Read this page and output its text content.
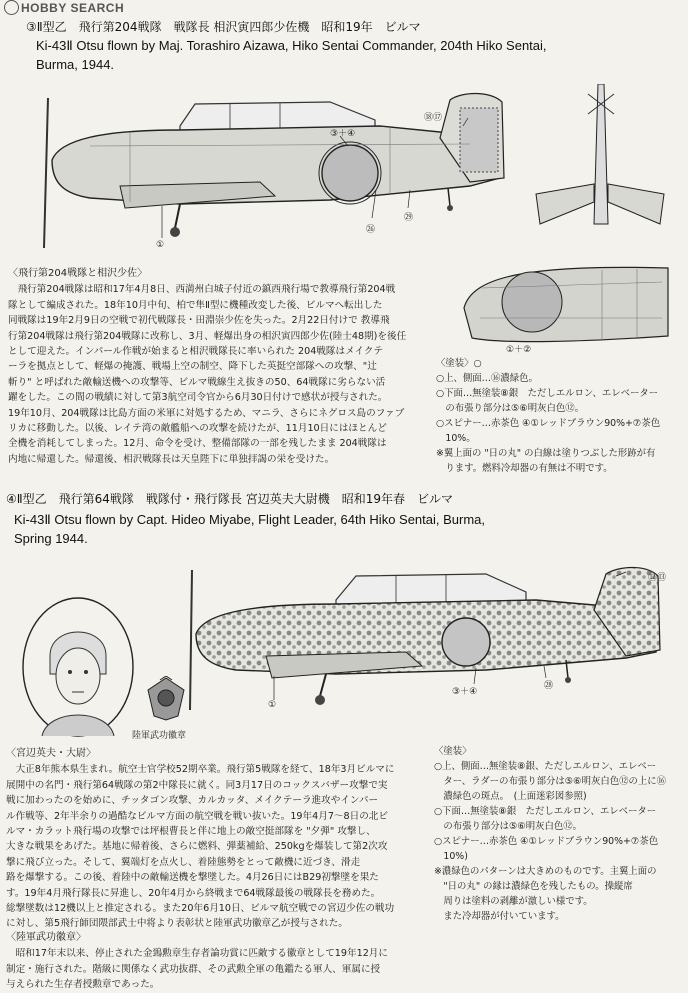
HOBBY SEARCH
③Ⅱ型乙　飛行第204戦隊　戦隊長 相沢寅四郎少佐機　昭和19年　ビルマ
Ki-43Ⅱ Otsu flown by Maj. Torashiro Aizawa, Hiko Sentai Commander, 204th Hiko Sentai,
Burma, 1944.
③＋④
⑱⑰
㉖
㉙
①
①＋②
〈飛行第204戦隊と相沢少佐〉

飛行第204戦隊は昭和17年4月8日、西満州白城子付近の鎮西飛行場で教導飛行第204戦

隊として編成された。18年10月中旬、柏で隼Ⅱ型に機種改変した後、ビルマへ転出した
同戦隊は19年2月9日の空戦で初代戦隊長・田淵崇少佐を失った。2月22日付けで 教導飛
行第204戦隊は飛行第204戦隊に改称し、3月、軽爆出身の相沢寅四郎少佐(陸士48期)を後任
として迎えた。インパール作戦が始まると相沢戦隊長に率いられた 204戦隊はメイクテ
ーラを拠点として、軽爆の掩護、戦場上空の制空、降下した英挺空部隊への攻撃、"辻
斬り" と呼ばれた敵輸送機への攻撃等、ビルマ戦線生え抜きの50、64戦隊に劣らない活
躍をした。この間の戦績に対して第3航空司令官から6月30日付けで感状が授与された。
19年10月、204戦隊は比島方面の米軍に対処するため、マニラ、さらにネグロス島のファブ
リカに移動した。以後、レイテ湾の敵艦船への攻撃を続けたが、11月10日にはほとんど
全機を消耗してしまった。12月、命令を受け、整備部隊の一部を残したまま 204戦隊は
内地に帰還した。帰還後、相沢戦隊長は天皇陛下に単独拝謁の栄を受けた。
〈塗装〉○
○上、側面…⑯濃緑色。
○下面…無塗装⑧銀　ただしエルロン、エレベーター
　の布張り部分は⑤⑥明灰白色⑫。
○スピナー…赤茶色 ④①レッドブラウン90%+⑦茶色
　10%。
※翼上面の "日の丸" の白線は塗りつぶした形跡が有
　ります。燃料冷却器の有無は不明です。
④Ⅱ型乙　飛行第64戦隊　戦隊付・飛行隊長 宮辺英夫大尉機　昭和19年春　ビルマ
Ki-43Ⅱ Otsu flown by Capt. Hideo Miyabe, Flight Leader, 64th Hiko Sentai, Burma,
Spring 1944.
⑫⑬
㉘
③＋④
①
陸軍武功徽章
〈宮辺英夫・大尉〉

大正8年熊本県生まれ。航空士官学校52期卒業。飛行第5戦隊を経て、18年3月ビルマに

展開中の名門・飛行第64戦隊の第2中隊長に就く。同3月17日のコックスバザー攻撃で実
戦に加わったのを始めに、チッタゴン攻撃、カルカッタ、メイクテーラ進攻やインパー
ル作戦等、2年半余りの過酷なビルマ方面の航空戦を戦い抜いた。19年4月7～8日の北ビ
ルマ・カラット飛行場の攻撃では坪根曹長と伴に地上の敵空挺部隊を "夕弾" 攻撃し、
大きな戦果をあげた。基地に帰着後、さらに燃料、弾薬補給、250kgを爆装して第2次攻
撃に飛び立った。そして、翼端灯を点火し、着陸態勢をとって敵機に近づき、滑走
路を爆撃する。この後、着陸中の敵輸送機を撃墜した。4月26日にはB29初撃墜を果た
す。19年4月飛行隊長に昇進し、20年4月から終戦まで64戦隊最後の戦隊長を務めた。
総撃墜数は12機以上と推定される。また20年6月10日、ビルマ航空戦での宮辺少佐の戦功
に対し、第5飛行師団隈部武士中将より表彰状と陸軍武功徽章乙が授与された。
〈陸軍武功徽章〉

昭和17年末以来、停止された金鵄勲章生存者論功賞に匹敵する徽章として19年12月に

制定・施行された。階級に関係なく武功抜群、その武勲全軍の亀鑑たる軍人、軍属に授
与えられた生存者授勲章であった。
〈塗装〉
○上、側面…無塗装⑧銀、ただしエルロン、エレベー
　ター、ラダーの布張り部分は⑤⑥明灰白色⑫の上に⑯
　濃緑色の斑点。　(上面迷彩図参照)
○下面…無塗装⑧銀　ただしエルロン、エレベーター
　の布張り部分は⑤⑥明灰白色⑫。
○スピナー…赤茶色 ④①レッドブラウン90%+⑦茶色
　10%)
※濃緑色のパターンは大きめのものです。主翼上面の
　"日の丸" の縁は濃緑色を残したもの。操縦席
　周りは塗料の剥離が激しい様です。
　また冷却器が付いています。
